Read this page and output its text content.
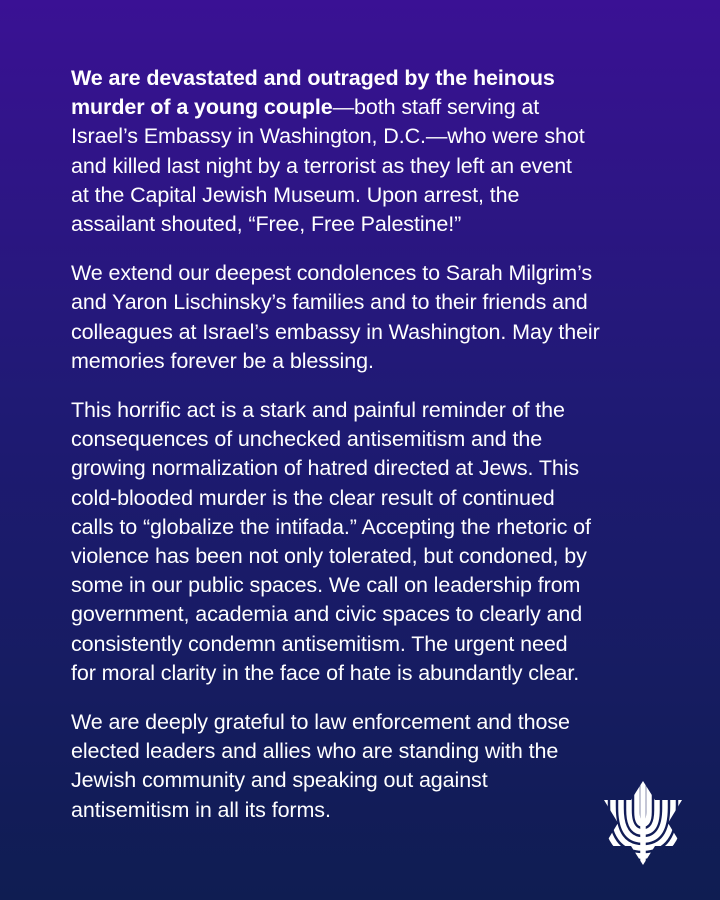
We are devastated and outraged by the heinous
murder of a young couple—both staff serving at
Israel’s Embassy in Washington, D.C.—who were shot
and killed last night by a terrorist as they left an event
at the Capital Jewish Museum. Upon arrest, the
assailant shouted, “Free, Free Palestine!”

We extend our deepest condolences to Sarah Milgrim’s
and Yaron Lischinsky’s families and to their friends and
colleagues at Israel’s embassy in Washington. May their
memories forever be a blessing.

This horrific act is a stark and painful reminder of the
consequences of unchecked antisemitism and the
growing normalization of hatred directed at Jews. This
cold-blooded murder is the clear result of continued
calls to “globalize the intifada.” Accepting the rhetoric of
violence has been not only tolerated, but condoned, by
some in our public spaces. We call on leadership from
government, academia and civic spaces to clearly and
consistently condemn antisemitism. The urgent need
for moral clarity in the face of hate is abundantly clear.

We are deeply grateful to law enforcement and those
elected leaders and allies who are standing with the
Jewish community and speaking out against
antisemitism in all its forms.
